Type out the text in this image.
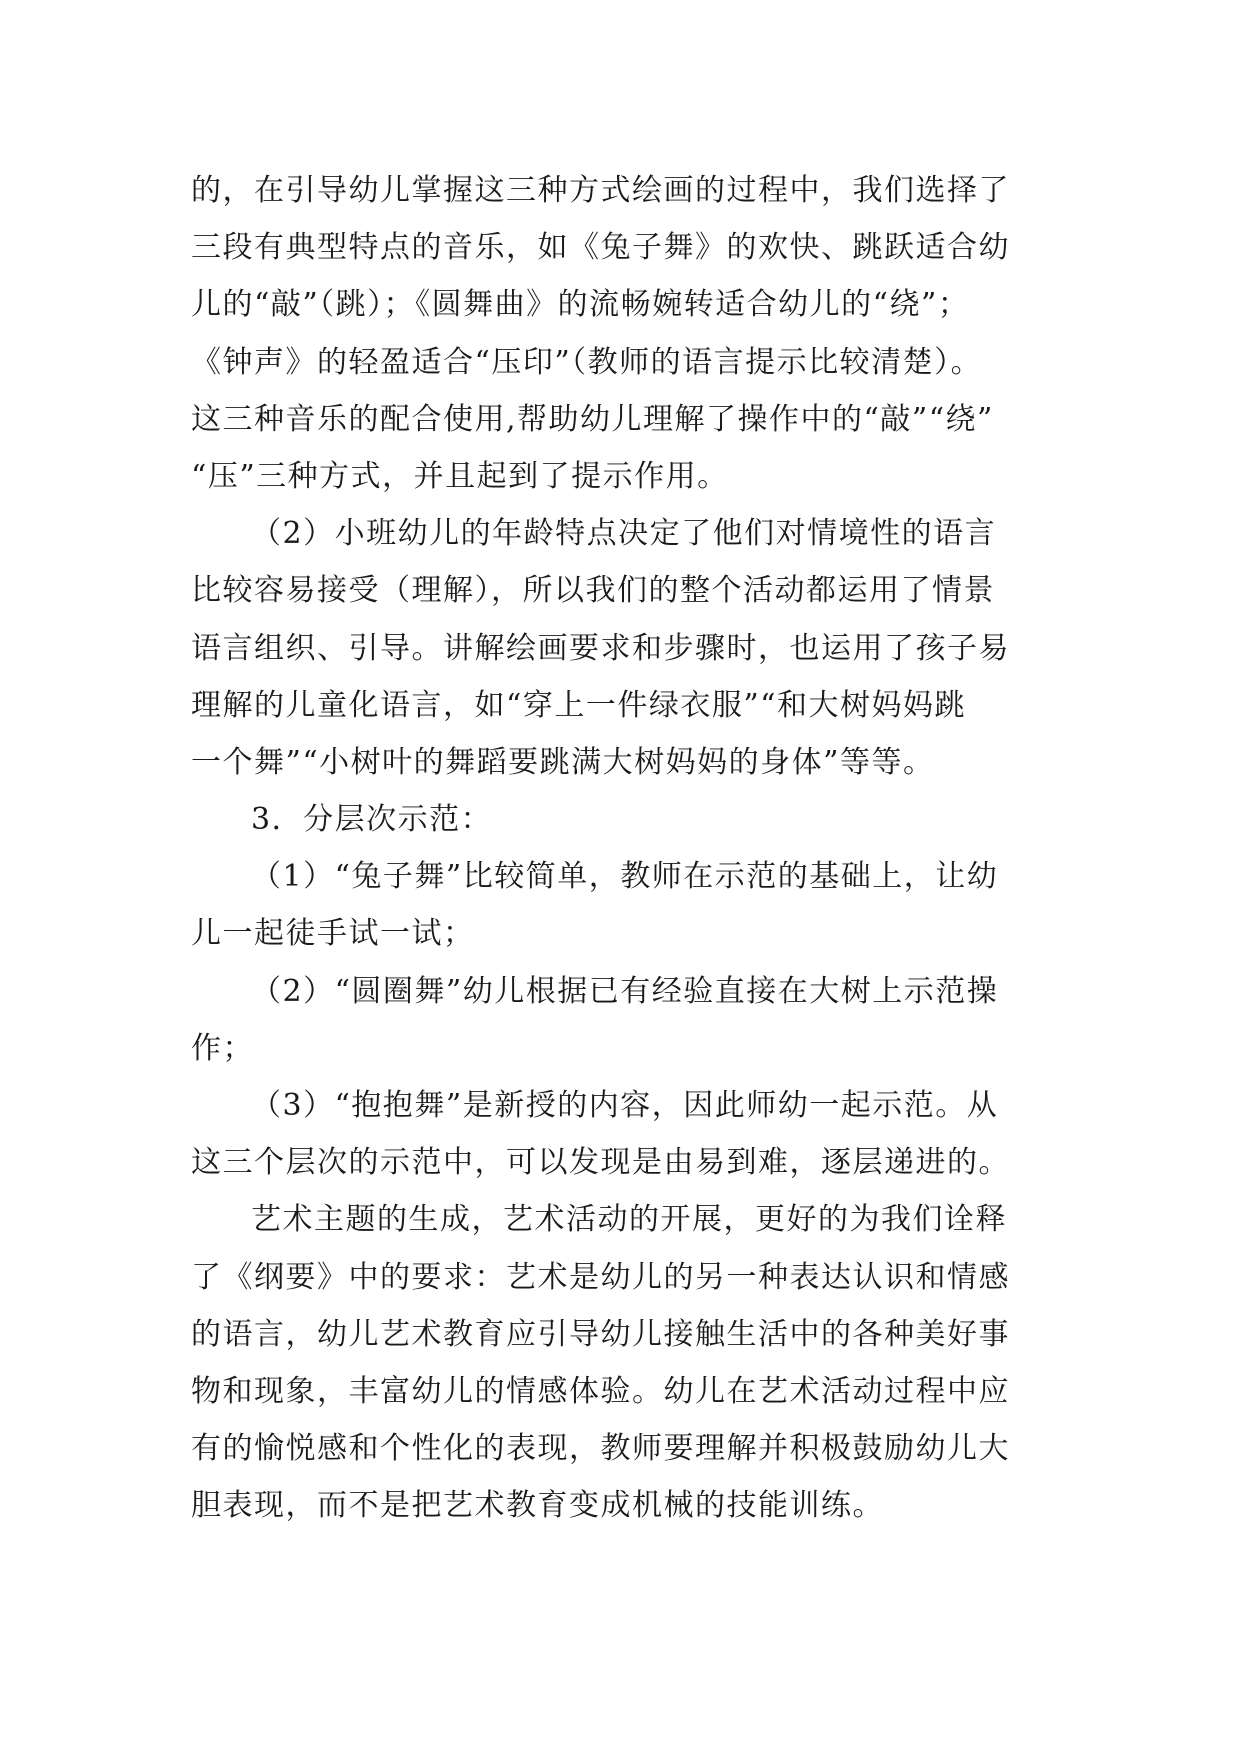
的，在引导幼儿掌握这三种方式绘画的过程中，我们选择了
三段有典型特点的音乐，如《兔子舞》的欢快、跳跃适合幼
儿的“敲”（跳）；《圆舞曲》的流畅婉转适合幼儿的“绕”；
《钟声》的轻盈适合“压印”（教师的语言提示比较清楚）。
这三种音乐的配合使用,帮助幼儿理解了操作中的“敲”“绕”
“压”三种方式，并且起到了提示作用。
（2）小班幼儿的年龄特点决定了他们对情境性的语言
比较容易接受（理解），所以我们的整个活动都运用了情景
语言组织、引导。讲解绘画要求和步骤时，也运用了孩子易
理解的儿童化语言，如“穿上一件绿衣服”“和大树妈妈跳
一个舞”“小树叶的舞蹈要跳满大树妈妈的身体”等等。
3．分层次示范：
（1）“兔子舞”比较简单，教师在示范的基础上，让幼
儿一起徒手试一试；
（2）“圆圈舞”幼儿根据已有经验直接在大树上示范操
作；
（3）“抱抱舞”是新授的内容，因此师幼一起示范。从
这三个层次的示范中，可以发现是由易到难，逐层递进的。
艺术主题的生成，艺术活动的开展，更好的为我们诠释
了《纲要》中的要求：艺术是幼儿的另一种表达认识和情感
的语言，幼儿艺术教育应引导幼儿接触生活中的各种美好事
物和现象，丰富幼儿的情感体验。幼儿在艺术活动过程中应
有的愉悦感和个性化的表现，教师要理解并积极鼓励幼儿大
胆表现，而不是把艺术教育变成机械的技能训练。
